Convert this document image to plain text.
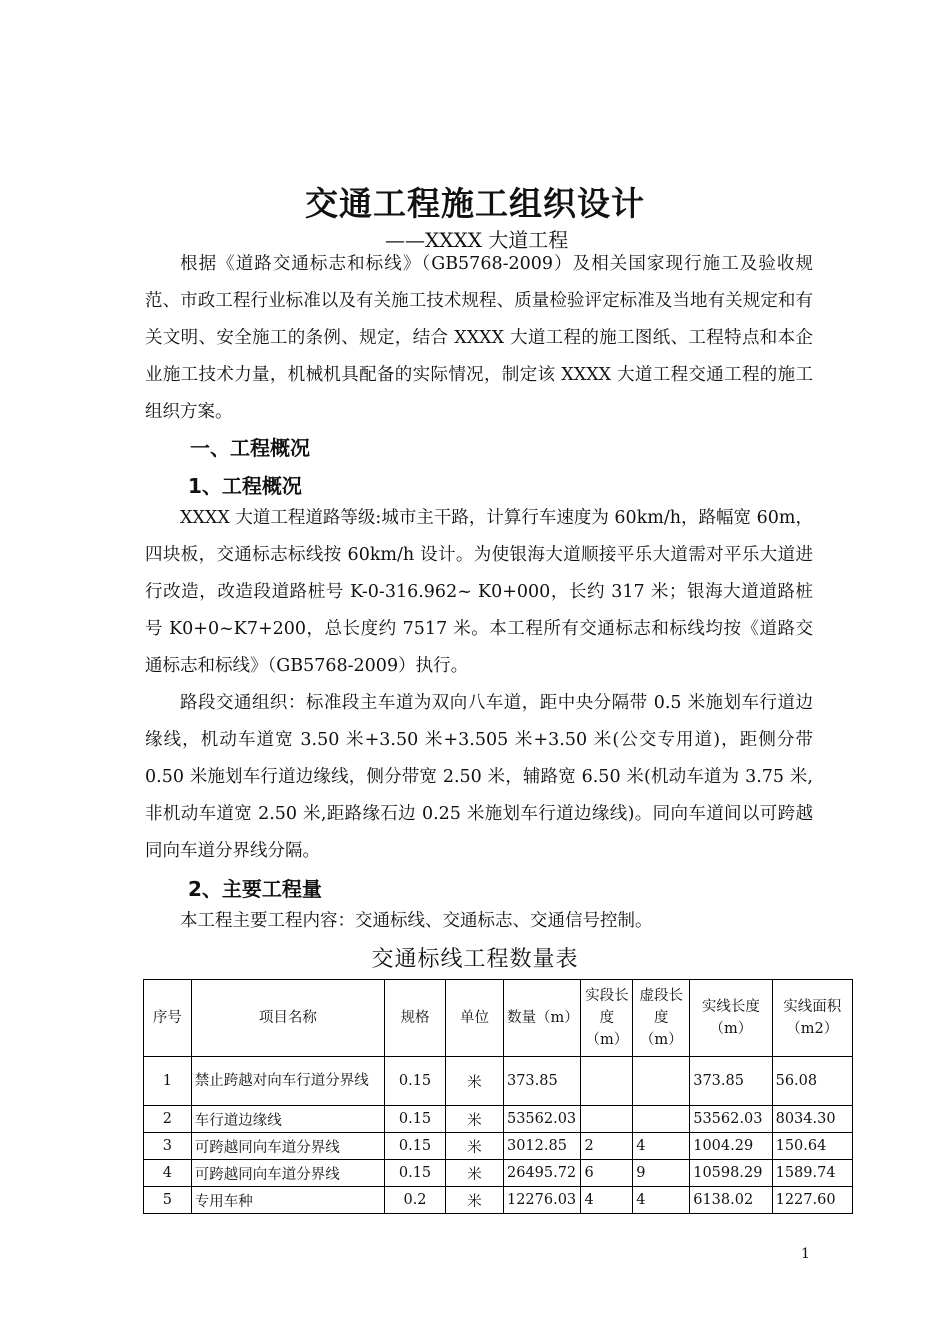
交通工程施工组织设计
——XXXX 大道工程

根据《道路交通标志和标线》（GB5768-2009）及相关国家现行施工及验收规范、市政工程行业标准以及有关施工技术规程、质量检验评定标准及当地有关规定和有关文明、安全施工的条例、规定，结合 XXXX 大道工程的施工图纸、工程特点和本企业施工技术力量，机械机具配备的实际情况，制定该 XXXX 大道工程交通工程的施工组织方案。

一、工程概况
1、工程概况

XXXX 大道工程道路等级:城市主干路，计算行车速度为 60km/h，路幅宽 60m，四块板，交通标志标线按 60km/h 设计。为使银海大道顺接平乐大道需对平乐大道进行改造，改造段道路桩号 K-0-316.962~ K0+000，长约 317 米；银海大道道路桩号 K0+0~K7+200，总长度约 7517 米。本工程所有交通标志和标线均按《道路交通标志和标线》（GB5768-2009）执行。

路段交通组织：标准段主车道为双向八车道，距中央分隔带 0.5 米施划车行道边缘线，机动车道宽 3.50 米+3.50 米+3.505 米+3.50 米(公交专用道)，距侧分带 0.50 米施划车行道边缘线，侧分带宽 2.50 米，辅路宽 6.50 米(机动车道为 3.75 米,非机动车道宽 2.50 米,距路缘石边 0.25 米施划车行道边缘线)。同向车道间以可跨越同向车道分界线分隔。

2、主要工程量

本工程主要工程内容：交通标线、交通标志、交通信号控制。

交通标线工程数量表
序号	项目名称	规格	单位	数量（m）	实段长度（m）	虚段长度（m）	实线长度（m）	实线面积（m2）
1	禁止跨越对向车行道分界线	0.15	米	373.85			373.85	56.08
2	车行道边缘线	0.15	米	53562.03			53562.03	8034.30
3	可跨越同向车道分界线	0.15	米	3012.85	2	4	1004.29	150.64
4	可跨越同向车道分界线	0.15	米	26495.72	6	9	10598.29	1589.74
5	专用车种	0.2	米	12276.03	4	4	6138.02	1227.60
1
